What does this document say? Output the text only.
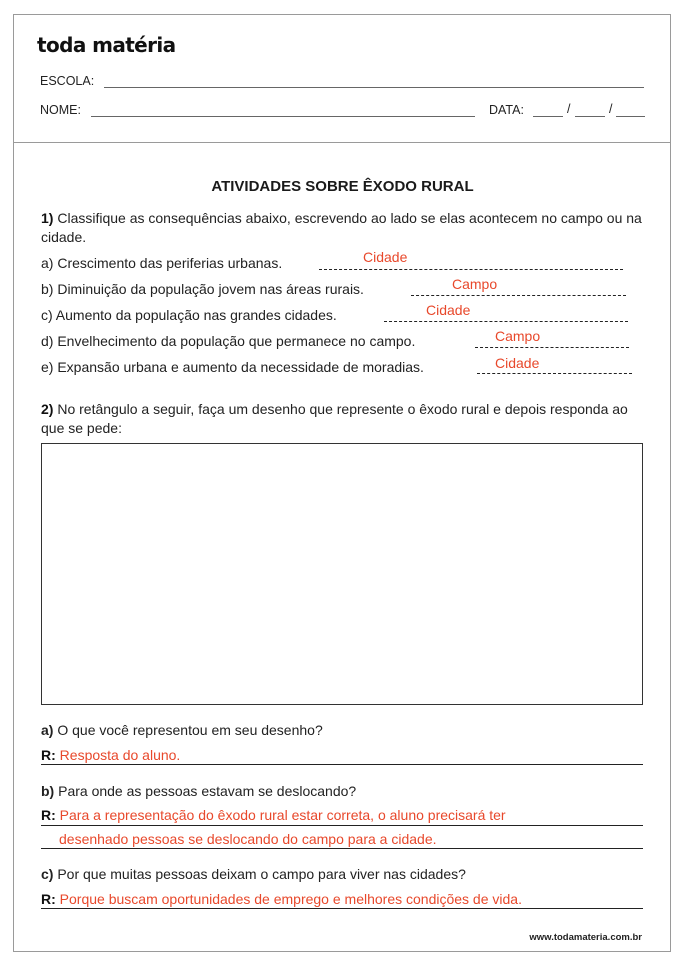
toda matéria
ESCOLA:
NOME:	DATA:	/	/
ATIVIDADES SOBRE ÊXODO RURAL
1) Classifique as consequências abaixo, escrevendo ao lado se elas acontecem no campo ou na cidade.
a) Crescimento das periferias urbanas.	Cidade
b) Diminuição da população jovem nas áreas rurais.	Campo
c) Aumento da população nas grandes cidades.	Cidade
d) Envelhecimento da população que permanece no campo.	Campo
e) Expansão urbana e aumento da necessidade de moradias.	Cidade
2) No retângulo a seguir, faça um desenho que represente o êxodo rural e depois responda ao que se pede:
a) O que você representou em seu desenho?
R: Resposta do aluno.
b) Para onde as pessoas estavam se deslocando?
R: Para a representação do êxodo rural estar correta, o aluno precisará ter
desenhado pessoas se deslocando do campo para a cidade.
c) Por que muitas pessoas deixam o campo para viver nas cidades?
R: Porque buscam oportunidades de emprego e melhores condições de vida.
www.todamateria.com.br
